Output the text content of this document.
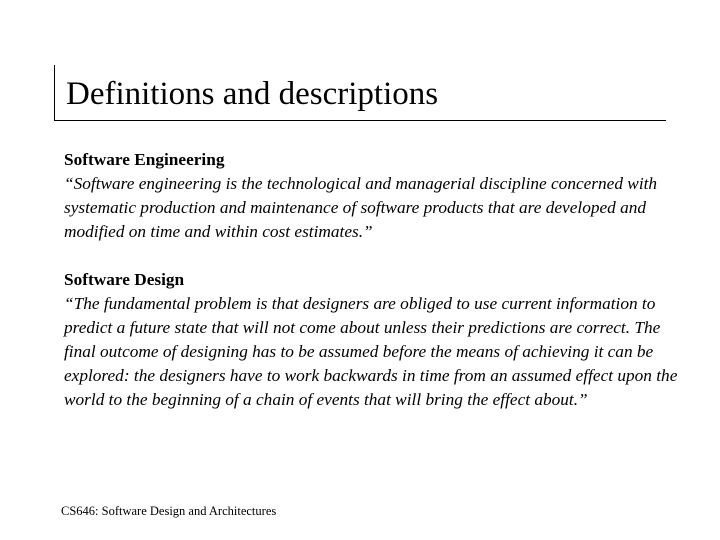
Definitions and descriptions
Software Engineering
“Software engineering is the technological and managerial discipline concerned with systematic production and maintenance of software products that are developed and modified on time and within cost estimates.”
Software Design
“The fundamental problem is that designers are obliged to use current information to predict a future state that will not come about unless their predictions are correct. The final outcome of designing has to be assumed before the means of achieving it can be explored: the designers have to work backwards in time from an assumed effect upon the world to the beginning of a chain of events that will bring the effect about.”
CS646: Software Design and Architectures
